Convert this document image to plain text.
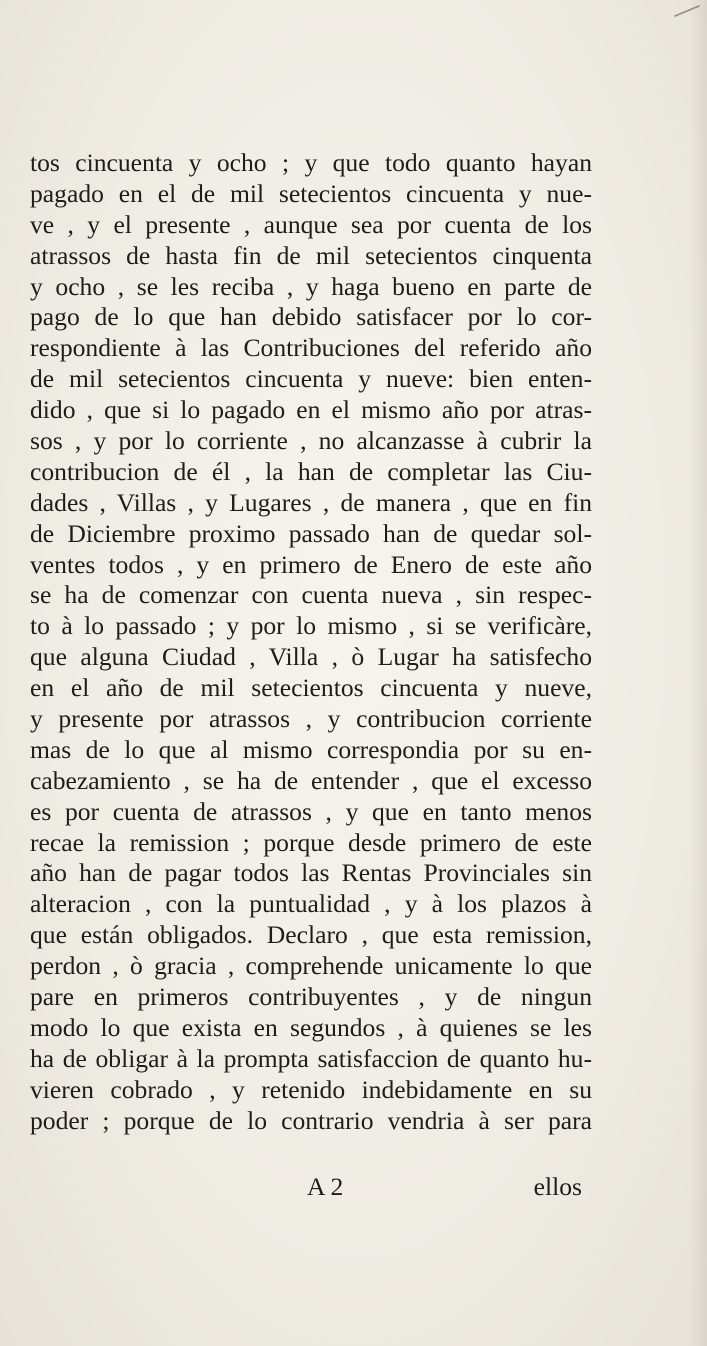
tos cincuenta y ocho ; y que todo quanto hayan
pagado en el de mil setecientos cincuenta y nue-
ve , y el presente , aunque sea por cuenta de los
atrassos de hasta fin de mil setecientos cinquenta
y ocho , se les reciba , y haga bueno en parte de
pago de lo que han debido satisfacer por lo cor-
respondiente à las Contribuciones del referido año
de mil setecientos cincuenta y nueve: bien enten-
dido , que si lo pagado en el mismo año por atras-
sos , y por lo corriente , no alcanzasse à cubrir la
contribucion de él , la han de completar las Ciu-
dades , Villas , y Lugares , de manera , que en fin
de Diciembre proximo passado han de quedar sol-
ventes todos , y en primero de Enero de este año
se ha de comenzar con cuenta nueva , sin respec-
to à lo passado ; y por lo mismo , si se verificàre,
que alguna Ciudad , Villa , ò Lugar ha satisfecho
en el año de mil setecientos cincuenta y nueve,
y presente por atrassos , y contribucion corriente
mas de lo que al mismo correspondia por su en-
cabezamiento , se ha de entender , que el excesso
es por cuenta de atrassos , y que en tanto menos
recae la remission ; porque desde primero de este
año han de pagar todos las Rentas Provinciales sin
alteracion , con la puntualidad , y à los plazos à
que están obligados. Declaro , que esta remission,
perdon , ò gracia , comprehende unicamente lo que
pare en primeros contribuyentes , y de ningun
modo lo que exista en segundos , à quienes se les
ha de obligar à la prompta satisfaccion de quanto hu-
vieren cobrado , y retenido indebidamente en su
poder ; porque de lo contrario vendria à ser para
A 2	ellos
